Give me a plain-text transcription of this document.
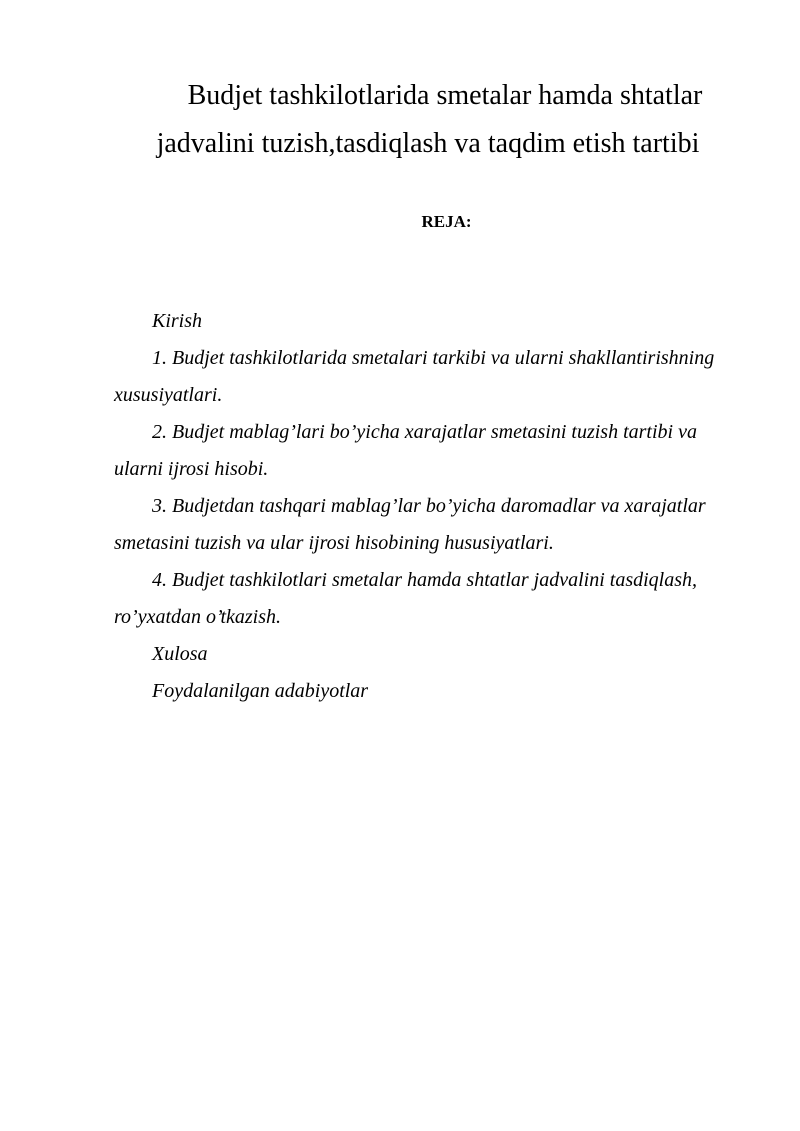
Budjet tashkilotlarida smetalar hamda shtatlar
jadvalini tuzish,tasdiqlash va taqdim etish tartibi
REJA:

Kirish

1. Budjet tashkilotlarida smetalari tarkibi va ularni shakllantirishning xususiyatlari.

2. Budjet mablag’lari bo’yicha xarajatlar smetasini tuzish tartibi va ularni ijrosi hisobi.

3. Budjetdan tashqari mablag’lar bo’yicha daromadlar va xarajatlar smetasini tuzish va ular ijrosi hisobining hususiyatlari.

4. Budjet tashkilotlari smetalar hamda shtatlar jadvalini tasdiqlash, ro’yxatdan o’tkazish.

Xulosa

Foydalanilgan adabiyotlar
